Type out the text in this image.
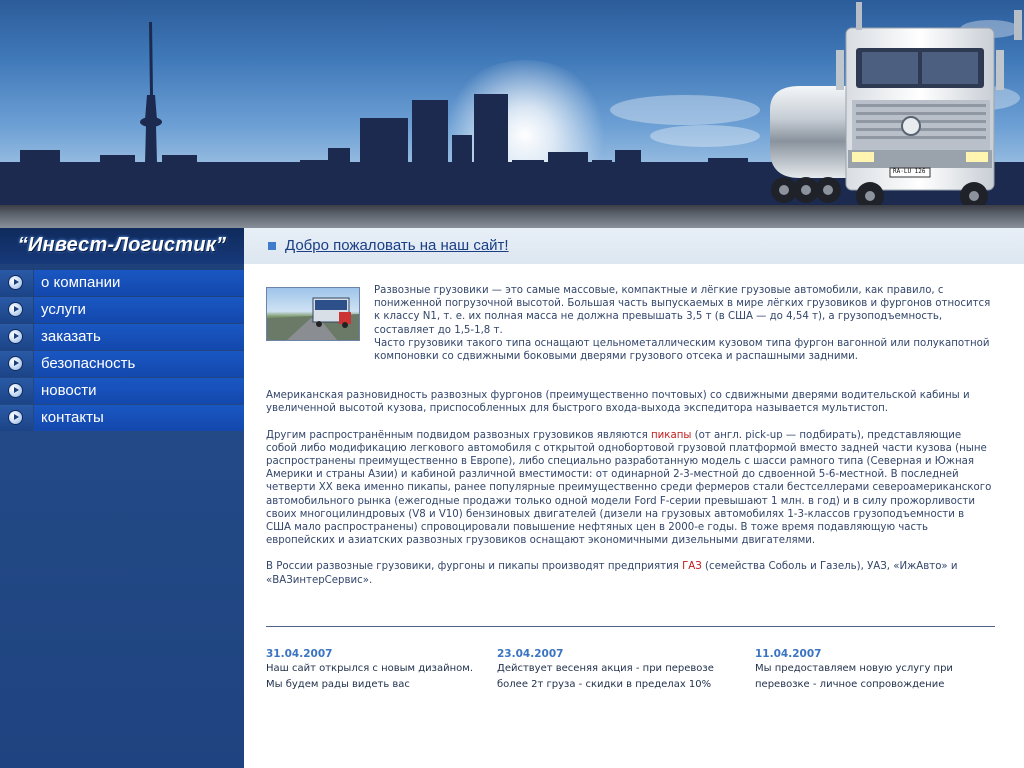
RA·LU 126
“Инвест-Логистик”
о компании
услуги
заказать
безопасность
новости
контакты
Добро пожаловать на наш сайт!

Развозные грузовики — это самые массовые, компактные и лёгкие грузовые автомобили, как правило, с пониженной погрузочной высотой. Большая часть выпускаемых в мире лёгких грузовиков и фургонов относится к классу N1, т. е. их полная масса не должна превышать 3,5 т (в США — до 4,54 т), а грузоподъемность, составляет до 1,5-1,8 т.

Часто грузовики такого типа оснащают цельнометаллическим кузовом типа фургон вагонной или полукапотной компоновки со сдвижными боковыми дверями грузового отсека и распашными задними.

Американская разновидность развозных фургонов (преимущественно почтовых) со сдвижными дверями водительской кабины и увеличенной высотой кузова, приспособленных для быстрого входа-выхода экспедитора называется мультистоп.

Другим распространённым подвидом развозных грузовиков являются пикапы (от англ. pick-up — подбирать), представляющие собой либо модификацию легкового автомобиля с открытой однобортовой грузовой платформой вместо задней части кузова (ныне распространены преимущественно в Европе), либо специально разработанную модель с шасси рамного типа (Северная и Южная Америки и страны Азии) и кабиной различной вместимости: от одинарной 2-3-местной до сдвоенной 5-6-местной. В последней четверти XX века именно пикапы, ранее популярные преимущественно среди фермеров стали бестселлерами североамериканского автомобильного рынка (ежегодные продажи только одной модели Ford F-серии превышают 1 млн. в год) и в силу прожорливости своих многоцилиндровых (V8 и V10) бензиновых двигателей (дизели на грузовых автомобилях 1-3-классов грузоподъемности в США мало распространены) спровоцировали повышение нефтяных цен в 2000-е годы. В тоже время подавляющую часть европейских и азиатских развозных грузовиков оснащают экономичными дизельными двигателями.

В России развозные грузовики, фургоны и пикапы производят предприятия ГАЗ (семейства Соболь и Газель), УАЗ, «ИжАвто» и «ВАЗинтерСервис».

31.04.2007
Наш сайт открылся с новым дизайном.
Мы будем рады видеть вас
23.04.2007
Действует весеняя акция - при перевозе
более 2т груза - скидки в пределах 10%
11.04.2007
Мы предоставляем новую услугу при
перевозке - личное сопровождение
